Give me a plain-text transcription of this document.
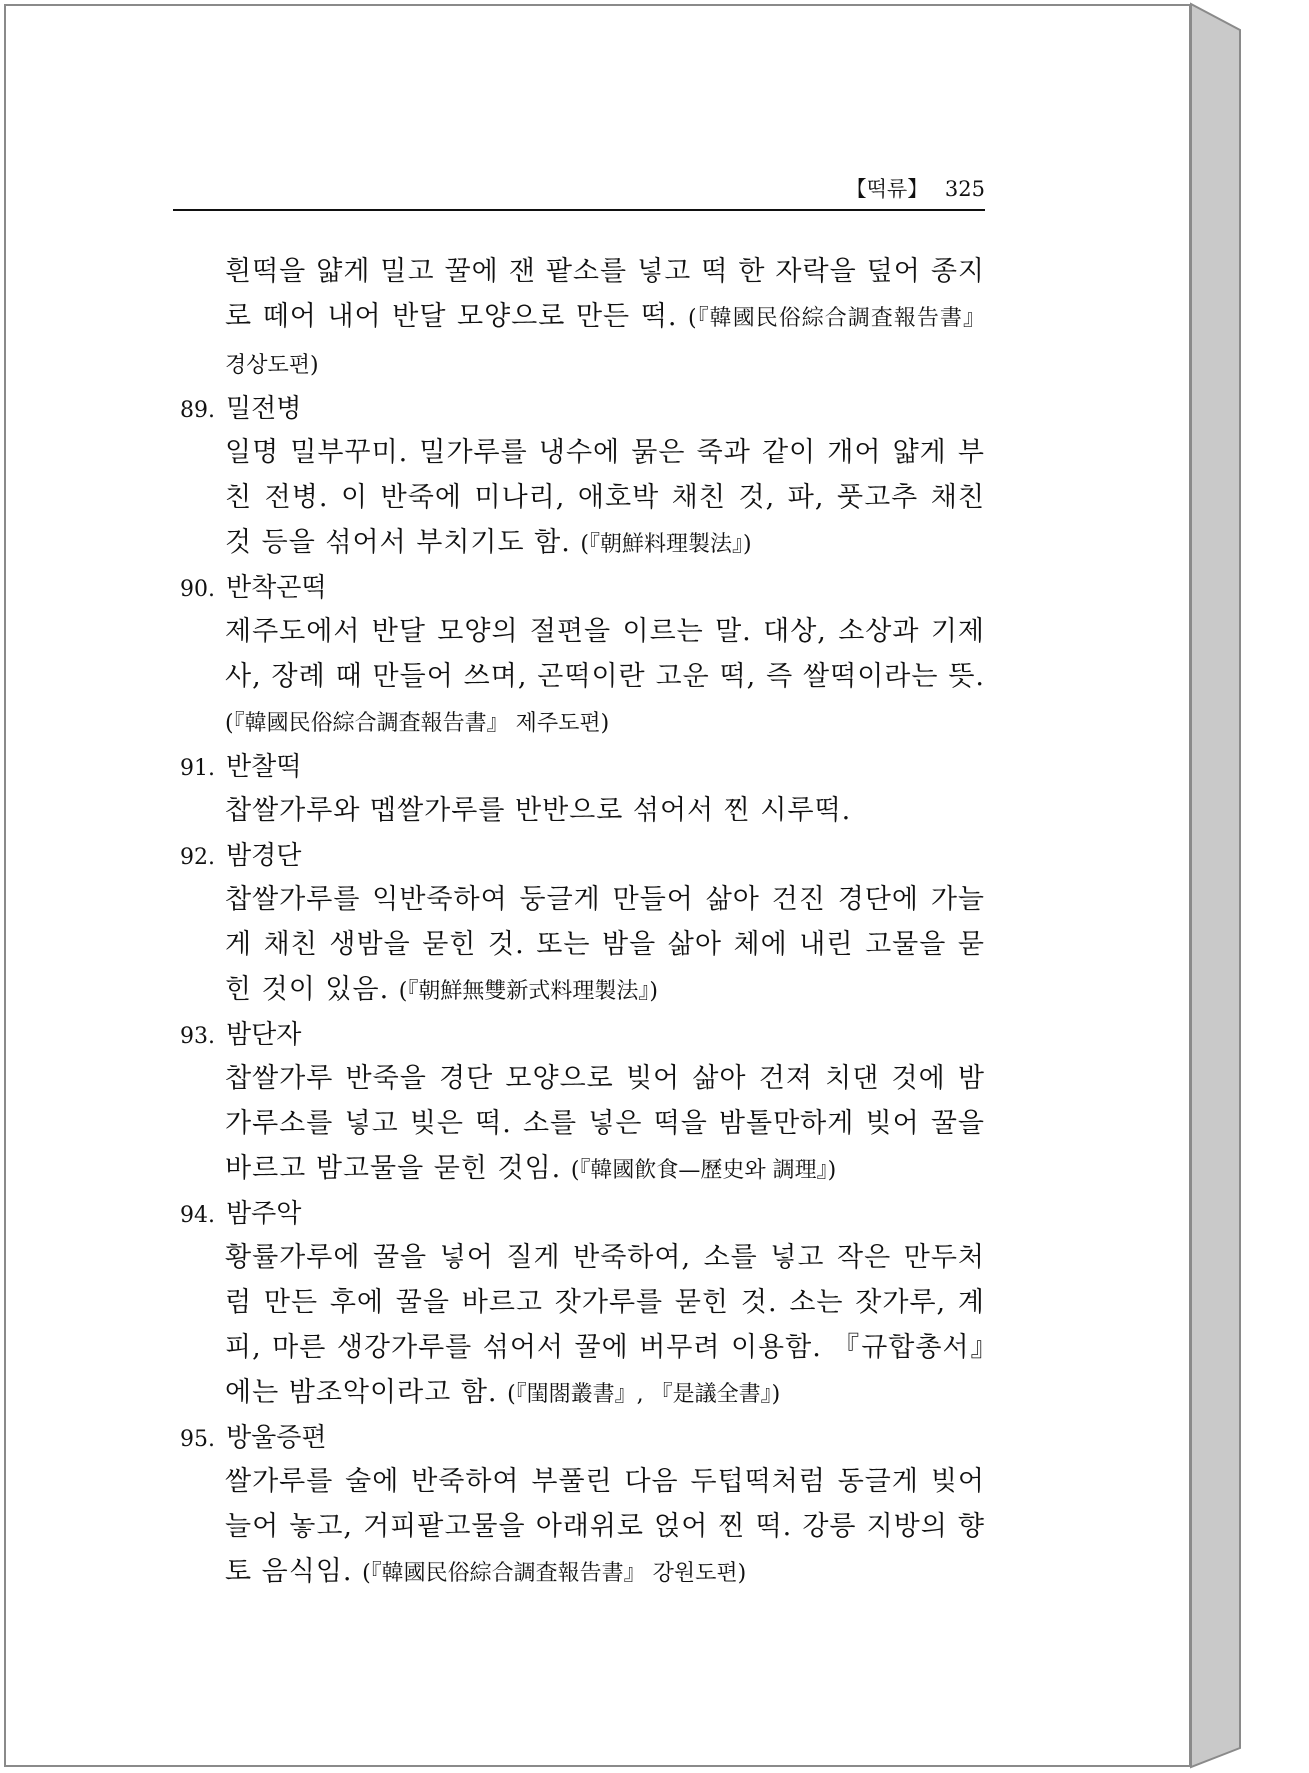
【떡류】 325
흰떡을 얇게 밀고 꿀에 잰 팥소를 넣고 떡 한 자락을 덮어 종지로 떼어 내어 반달 모양으로 만든 떡. (『韓國民俗綜合調査報告書』 경상도편)
89. 밀전병
일명 밀부꾸미. 밀가루를 냉수에 묽은 죽과 같이 개어 얇게 부친 전병. 이 반죽에 미나리, 애호박 채친 것, 파, 풋고추 채친 것 등을 섞어서 부치기도 함. (『朝鮮料理製法』)
90. 반착곤떡
제주도에서 반달 모양의 절편을 이르는 말. 대상, 소상과 기제사, 장례 때 만들어 쓰며, 곤떡이란 고운 떡, 즉 쌀떡이라는 뜻. (『韓國民俗綜合調査報告書』 제주도편)
91. 반찰떡
찹쌀가루와 멥쌀가루를 반반으로 섞어서 찐 시루떡.
92. 밤경단
찹쌀가루를 익반죽하여 둥글게 만들어 삶아 건진 경단에 가늘게 채친 생밤을 묻힌 것. 또는 밤을 삶아 체에 내린 고물을 묻힌 것이 있음. (『朝鮮無雙新式料理製法』)
93. 밤단자
찹쌀가루 반죽을 경단 모양으로 빚어 삶아 건져 치댄 것에 밤가루소를 넣고 빚은 떡. 소를 넣은 떡을 밤톨만하게 빚어 꿀을 바르고 밤고물을 묻힌 것임. (『韓國飮食—歷史와 調理』)
94. 밤주악
황률가루에 꿀을 넣어 질게 반죽하여, 소를 넣고 작은 만두처럼 만든 후에 꿀을 바르고 잣가루를 묻힌 것. 소는 잣가루, 계피, 마른 생강가루를 섞어서 꿀에 버무려 이용함. 『규합총서』에는 밤조악이라고 함. (『閨閤叢書』, 『是議全書』)
95. 방울증편
쌀가루를 술에 반죽하여 부풀린 다음 두텁떡처럼 동글게 빚어 늘어 놓고, 거피팥고물을 아래위로 얹어 찐 떡. 강릉 지방의 향토 음식임. (『韓國民俗綜合調査報告書』 강원도편)
